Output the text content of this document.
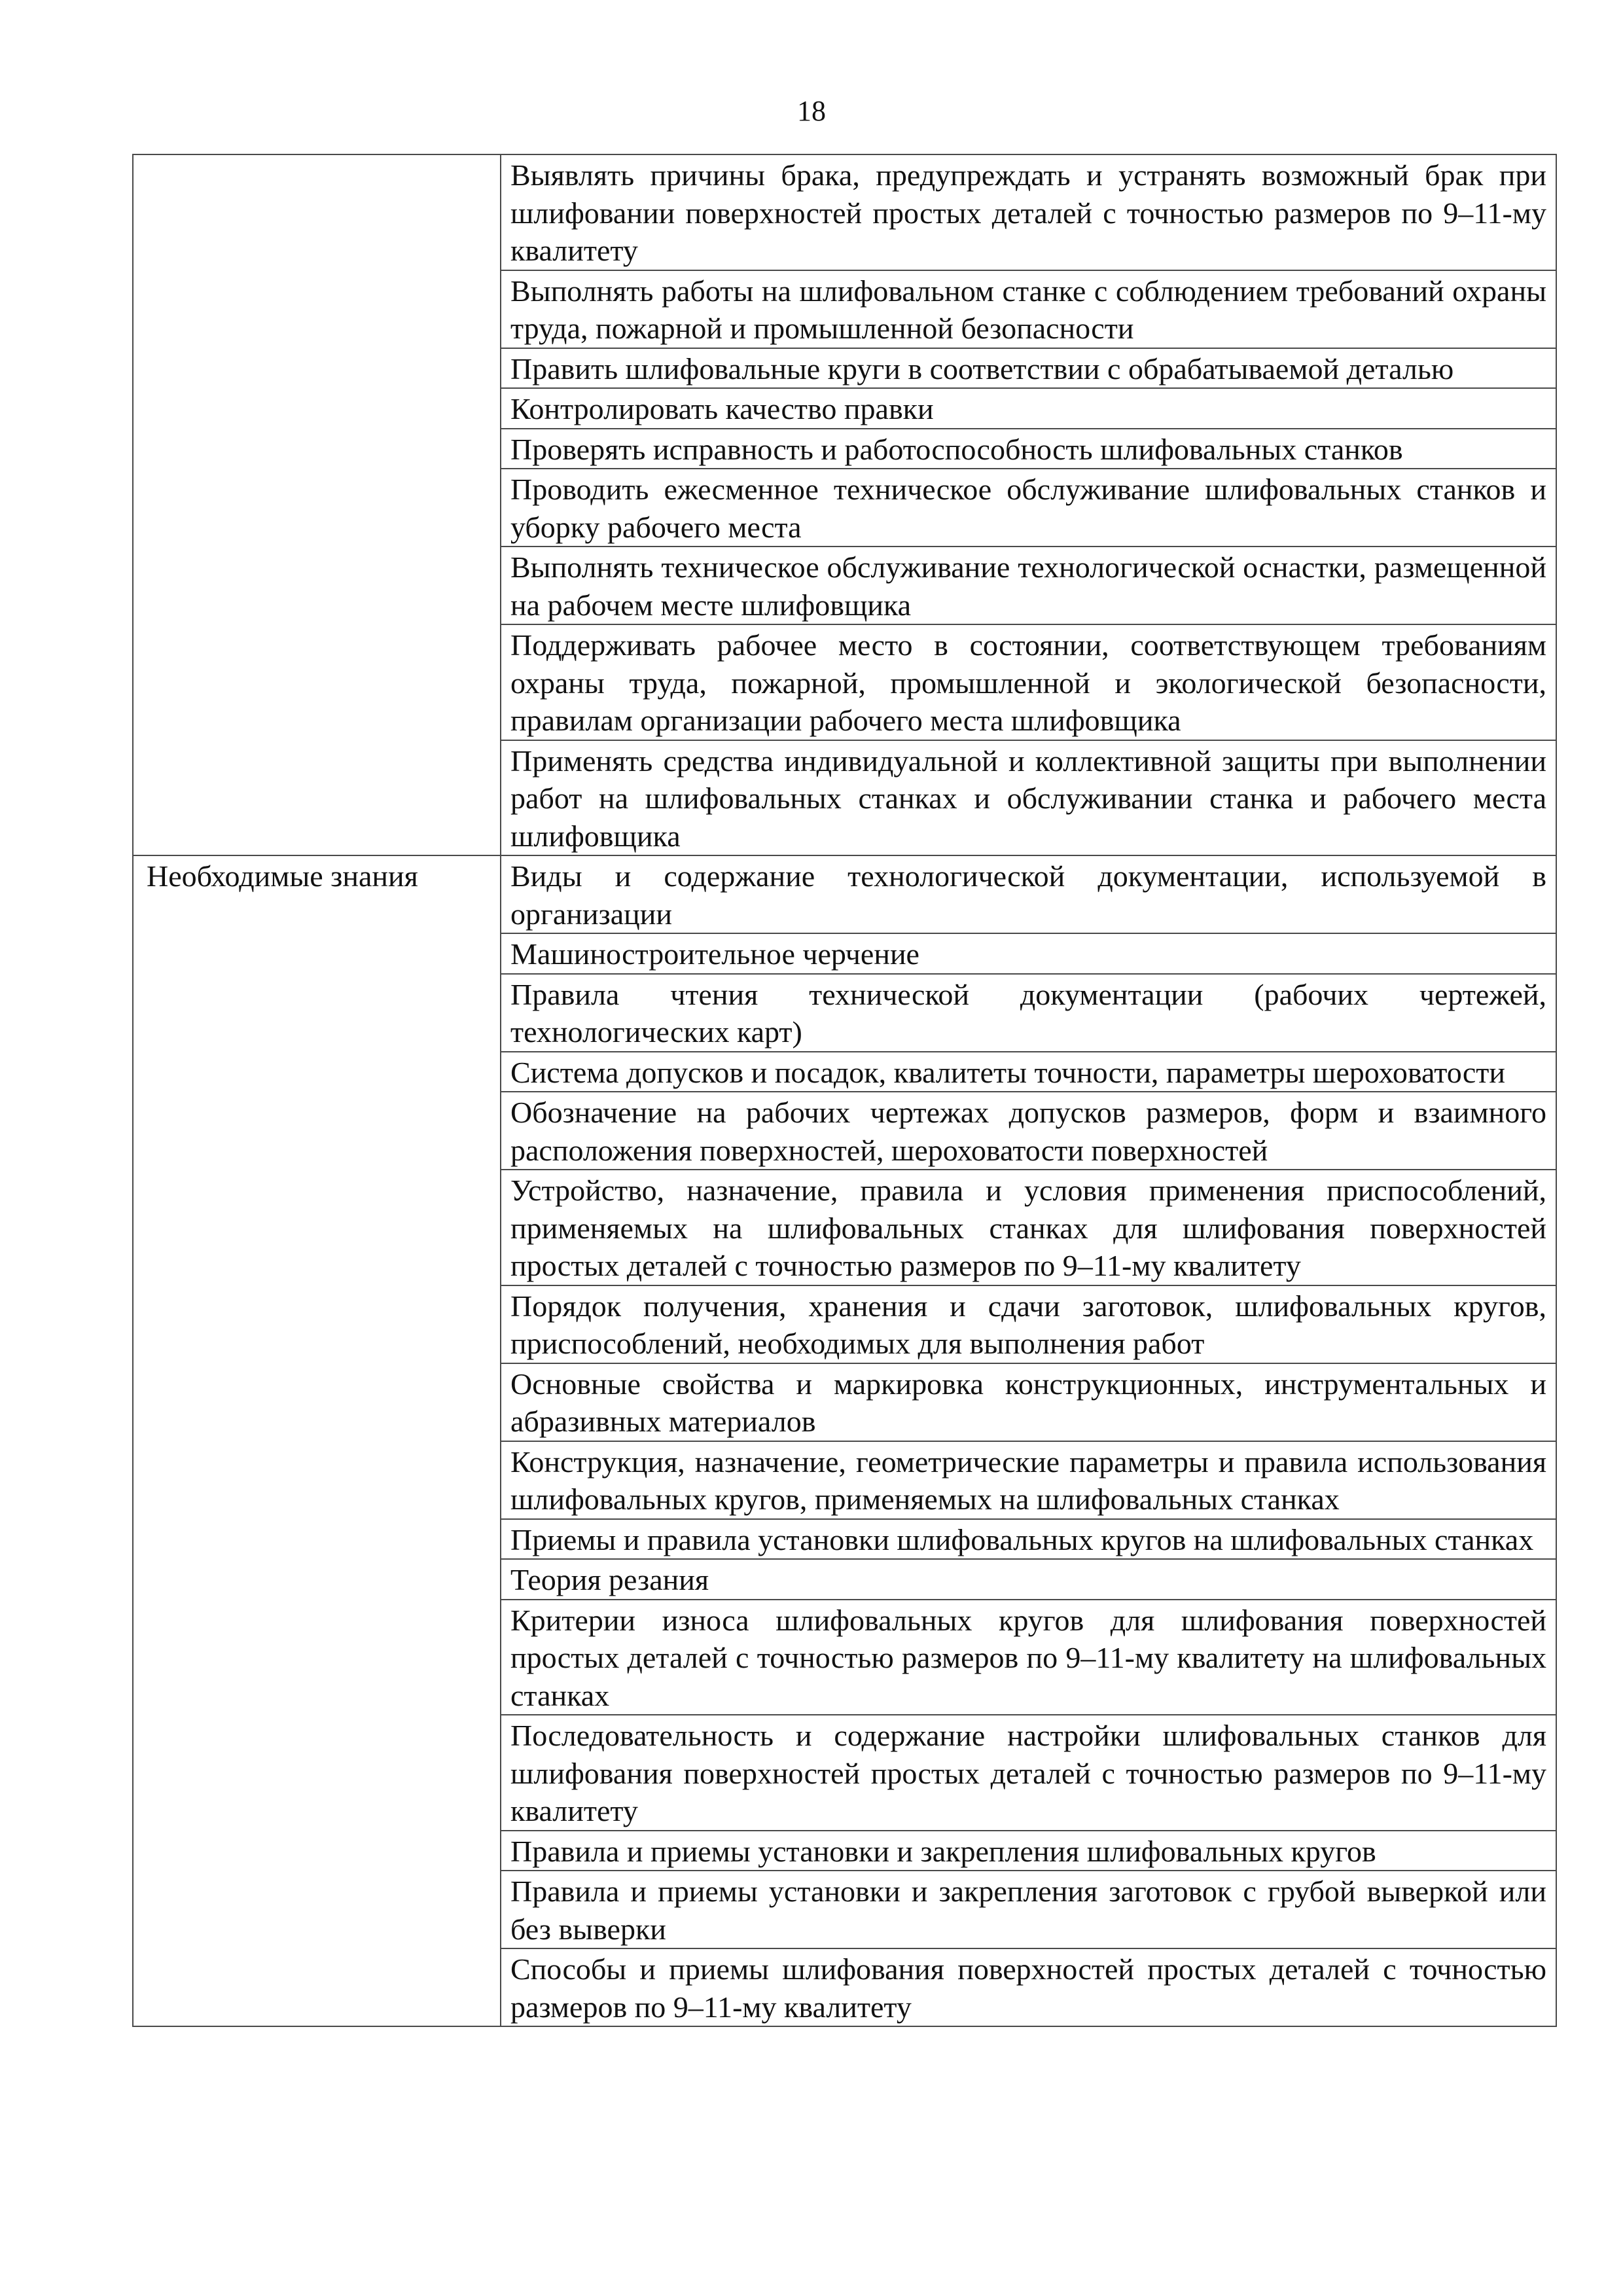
18
	Выявлять причины брака, предупреждать и устранять возможный брак при шлифовании поверхностей простых деталей с точностью размеров по 9–11-му квалитету
	Выполнять работы на шлифовальном станке с соблюдением требований охраны труда, пожарной и промышленной безопасности
	Править шлифовальные круги в соответствии с обрабатываемой деталью
	Контролировать качество правки
	Проверять исправность и работоспособность шлифовальных станков
	Проводить ежесменное техническое обслуживание шлифовальных станков и уборку рабочего места
	Выполнять техническое обслуживание технологической оснастки, размещенной на рабочем месте шлифовщика
	Поддерживать рабочее место в состоянии, соответствующем требованиям охраны труда, пожарной, промышленной и экологической безопасности, правилам организации рабочего места шлифовщика
	Применять средства индивидуальной и коллективной защиты при выполнении работ на шлифовальных станках и обслуживании станка и рабочего места шлифовщика
Необходимые знания	Виды и содержание технологической документации, используемой в организации
	Машиностроительное черчение
	Правила чтения технической документации (рабочих чертежей, технологических карт)
	Система допусков и посадок, квалитеты точности, параметры шероховатости
	Обозначение на рабочих чертежах допусков размеров, форм и взаимного расположения поверхностей, шероховатости поверхностей
	Устройство, назначение, правила и условия применения приспособлений, применяемых на шлифовальных станках для шлифования поверхностей простых деталей с точностью размеров по 9–11-му квалитету
	Порядок получения, хранения и сдачи заготовок, шлифовальных кругов, приспособлений, необходимых для выполнения работ
	Основные свойства и маркировка конструкционных, инструментальных и абразивных материалов
	Конструкция, назначение, геометрические параметры и правила использования шлифовальных кругов, применяемых на шлифовальных станках
	Приемы и правила установки шлифовальных кругов на шлифовальных станках
	Теория резания
	Критерии износа шлифовальных кругов для шлифования поверхностей простых деталей с точностью размеров по 9–11-му квалитету на шлифовальных станках
	Последовательность и содержание настройки шлифовальных станков для шлифования поверхностей простых деталей с точностью размеров по 9–11-му квалитету
	Правила и приемы установки и закрепления шлифовальных кругов
	Правила и приемы установки и закрепления заготовок с грубой выверкой или без выверки
	Способы и приемы шлифования поверхностей простых деталей с точностью размеров по 9–11-му квалитету
